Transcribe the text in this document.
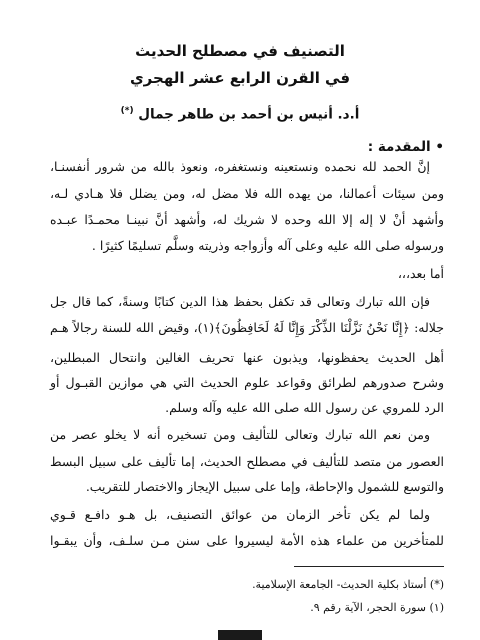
التصنيف في مصطلح الحديث
في القرن الرابع عشر الهجري
أ.د. أنيس بن أحمد بن طاهر جمال (*)
• المقدمة :
إنَّ الحمد لله نحمده ونستعينه ونستغفره، ونعوذ بالله من شرور أنفسنـا،
ومن سيئات أعمالنا، من يهده الله فلا مضل له، ومن يضلل فلا هـادي لـه،
وأشهد أنْ لا إله إلا الله وحده لا شريك له، وأشهد أنَّ نبينـا محمـدًا عبـده
ورسوله صلى الله عليه وعلى آله وأزواجه وذريته وسلَّم تسليمًا كثيرًا .
أما بعد،،،
فإن الله تبارك وتعالى قد تكفل بحفظ هذا الدين كتابًا وسنةً، كما قال جل
جلاله: ﴿إِنَّا نَحْنُ نَزَّلْنَا الذِّكْرَ وَإِنَّا لَهُ لَحَافِظُونَ﴾(١)، وقيض الله للسنة رجالاً هـم
أهل الحديث يحفظونها، ويذبون عنها تحريف الغالين وانتحال المبطلين،
وشرح صدورهم لطرائق وقواعد علوم الحديث التي هي موازين القبـول أو
الرد للمروي عن رسول الله صلى الله عليه وآله وسلم.
ومن نعم الله تبارك وتعالى للتأليف ومن تسخيره أنه لا يخلو عصر من
العصور من متصد للتأليف في مصطلح الحديث، إما تأليف على سبيل البسط
والتوسع للشمول والإحاطة، وإما على سبيل الإيجاز والاختصار للتقريب.
ولما لم يكن تأخر الزمان من عوائق التصنيف، بل هـو دافـع قـوي
للمتأخرين من علماء هذه الأمة ليسيروا على سنن مـن سلـف، وأن يبقـوا
(*) أستاذ بكلية الحديث- الجامعة الإسلامية.
(١) سورة الحجر، الآية رقم ٩.
